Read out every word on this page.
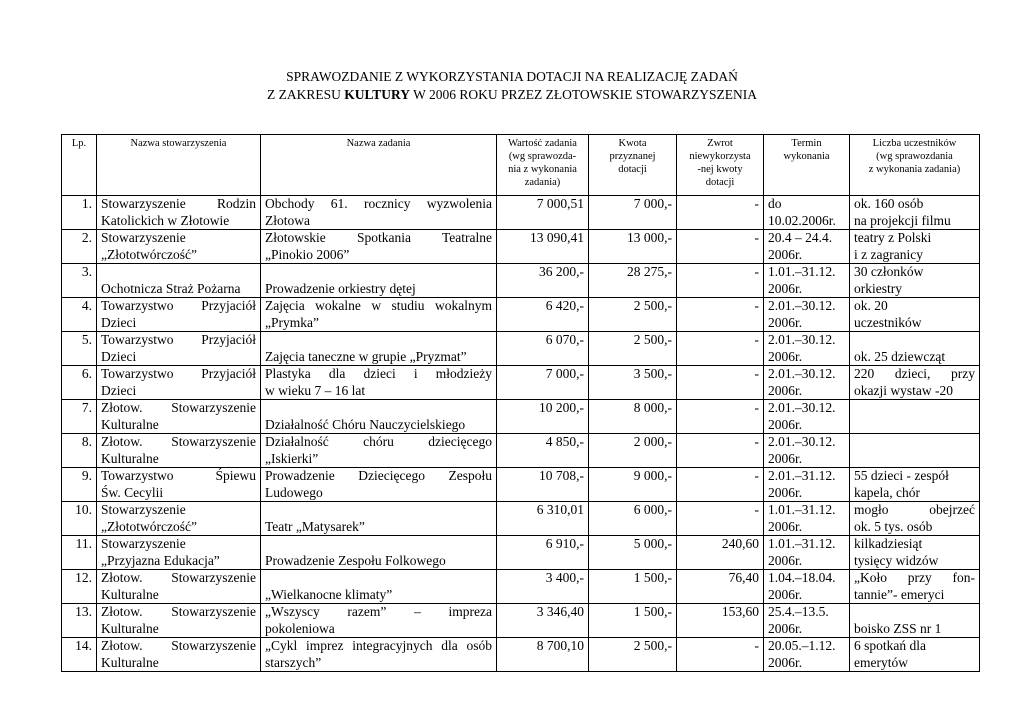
SPRAWOZDANIE Z WYKORZYSTANIA DOTACJI NA REALIZACJĘ ZADAŃ
Z ZAKRESU KULTURY W 2006 ROKU PRZEZ ZŁOTOWSKIE STOWARZYSZENIA
Lp.	Nazwa stowarzyszenia	Nazwa zadania	Wartość zadania
(wg sprawozda-
nia z wykonania
zadania)	Kwota
przyznanej
dotacji	Zwrot
niewykorzysta
-nej kwoty
dotacji	Termin
wykonania	Liczba uczestników
(wg sprawozdania
z wykonania zadania)

1.	Stowarzyszenie Rodzin
Katolickich w Złotowie	Obchody 61. rocznicy wyzwolenia
Złotowa	7 000,51	7 000,-	-	do
10.02.2006r.	ok. 160 osób
na projekcji filmu

2.	Stowarzyszenie
„Złototwórczość”	Złotowskie Spotkania Teatralne
„Pinokio 2006”	13 090,41	13 000,-	-	20.4 – 24.4.
2006r.	teatry z Polski
i z zagranicy

3.	Ochotnicza Straż Pożarna	Prowadzenie orkiestry dętej	36 200,-	28 275,-	-	1.01.–31.12.
2006r.	30 członków
orkiestry

4.	Towarzystwo Przyjaciół
Dzieci	Zajęcia wokalne w studiu wokalnym
„Prymka”	6 420,-	2 500,-	-	2.01.–30.12.
2006r.	ok. 20
uczestników

5.	Towarzystwo Przyjaciół
Dzieci	Zajęcia taneczne w grupie „Pryzmat”	6 070,-	2 500,-	-	2.01.–30.12.
2006r.	ok. 25 dziewcząt

6.	Towarzystwo Przyjaciół
Dzieci	Plastyka dla dzieci i młodzieży
w wieku 7 – 16 lat	7 000,-	3 500,-	-	2.01.–30.12.
2006r.	220 dzieci, przy
okazji wystaw -20

7.	Złotow. Stowarzyszenie
Kulturalne	Działalność Chóru Nauczycielskiego	10 200,-	8 000,-	-	2.01.–30.12.
2006r.	

8.	Złotow. Stowarzyszenie
Kulturalne	Działalność chóru dziecięcego
„Iskierki”	4 850,-	2 000,-	-	2.01.–30.12.
2006r.	

9.	Towarzystwo Śpiewu
Św. Cecylii	Prowadzenie Dziecięcego Zespołu
Ludowego	10 708,-	9 000,-	-	2.01.–31.12.
2006r.	55 dzieci - zespół
kapela, chór

10.	Stowarzyszenie
„Złototwórczość”	Teatr „Matysarek”	6 310,01	6 000,-	-	1.01.–31.12.
2006r.	mogło obejrzeć
ok. 5 tys. osób

11.	Stowarzyszenie
„Przyjazna Edukacja”	Prowadzenie Zespołu Folkowego	6 910,-	5 000,-	240,60	1.01.–31.12.
2006r.	kilkadziesiąt
tysięcy widzów

12.	Złotow. Stowarzyszenie
Kulturalne	„Wielkanocne klimaty”	3 400,-	1 500,-	76,40	1.04.–18.04.
2006r.	„Koło przy fon-
tannie”- emeryci

13.	Złotow. Stowarzyszenie
Kulturalne	„Wszyscy razem” – impreza
pokoleniowa	3 346,40	1 500,-	153,60	25.4.–13.5.
2006r.	boisko ZSS nr 1

14.	Złotow. Stowarzyszenie
Kulturalne	„Cykl imprez integracyjnych dla osób
starszych”	8 700,10	2 500,-	-	20.05.–1.12.
2006r.	6 spotkań dla
emerytów
